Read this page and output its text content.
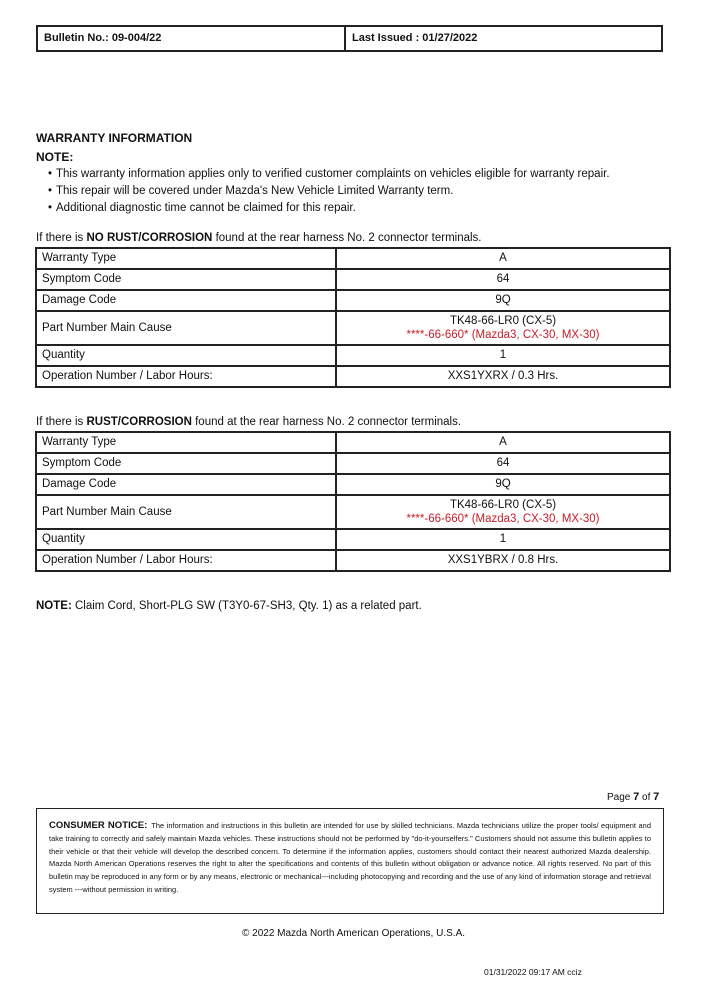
Bulletin No.: 09-004/22	Last Issued : 01/27/2022
WARRANTY INFORMATION
NOTE:
• This warranty information applies only to verified customer complaints on vehicles eligible for warranty repair.
• This repair will be covered under Mazda's New Vehicle Limited Warranty term.
• Additional diagnostic time cannot be claimed for this repair.
If there is NO RUST/CORROSION found at the rear harness No. 2 connector terminals.
Warranty Type	A
Symptom Code	64
Damage Code	9Q
Part Number Main Cause	TK48-66-LR0 (CX-5)
****-66-660* (Mazda3, CX-30, MX-30)

Quantity	1
Operation Number / Labor Hours:	XXS1YXRX / 0.3 Hrs.
If there is RUST/CORROSION found at the rear harness No. 2 connector terminals.
Warranty Type	A
Symptom Code	64
Damage Code	9Q
Part Number Main Cause	TK48-66-LR0 (CX-5)
****-66-660* (Mazda3, CX-30, MX-30)

Quantity	1
Operation Number / Labor Hours:	XXS1YBRX / 0.8 Hrs.
NOTE: Claim Cord, Short-PLG SW (T3Y0-67-SH3, Qty. 1) as a related part.
Page 7 of 7
CONSUMER NOTICE: The information and instructions in this bulletin are intended for use by skilled technicians. Mazda technicians utilize the proper tools/ equipment and take training to correctly and safely maintain Mazda vehicles. These instructions should not be performed by "do-it-yourselfers." Customers should not assume this bulletin applies to their vehicle or that their vehicle will develop the described concern. To determine if the information applies, customers should contact their nearest authorized Mazda dealership. Mazda North American Operations reserves the right to alter the specifications and contents of this bulletin without obligation or advance notice. All rights reserved. No part of this bulletin may be reproduced in any form or by any means, electronic or mechanical---including photocopying and recording and the use of any kind of information storage and retrieval system ---without permission in writing.
© 2022 Mazda North American Operations, U.S.A.
01/31/2022 09:17 AM cciz
